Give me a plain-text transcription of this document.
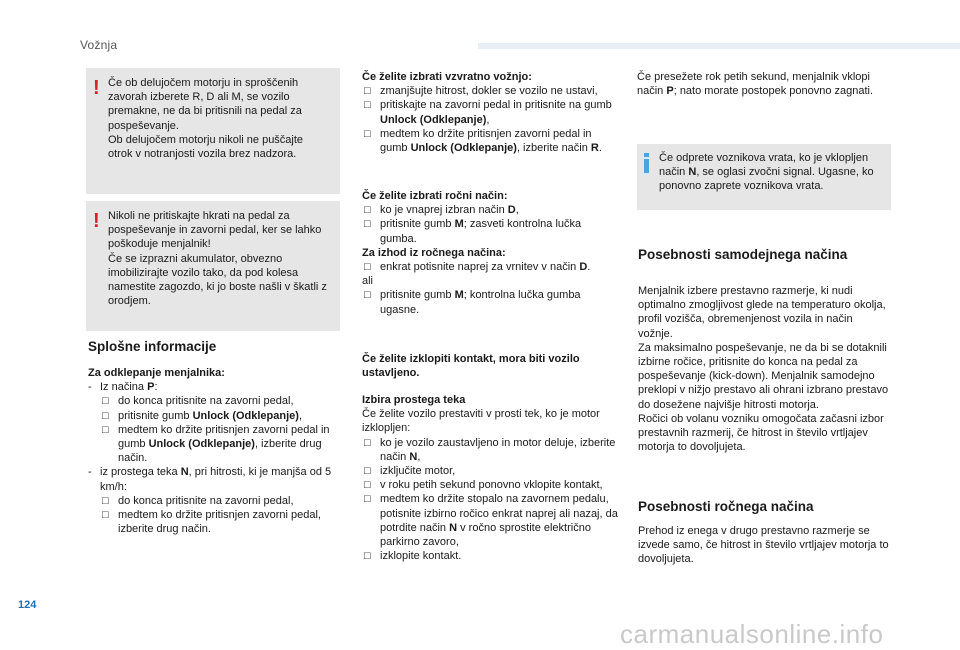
Vožnja
! Če ob delujočem motorju in sproščenih zavorah izberete R, D ali M, se vozilo premakne, ne da bi pritisnili na pedal za pospeševanje.
Ob delujočem motorju nikoli ne puščajte otrok v notranjosti vozila brez nadzora.
! Nikoli ne pritiskajte hkrati na pedal za pospeševanje in zavorni pedal, ker se lahko poškoduje menjalnik!
Če se izprazni akumulator, obvezno imobilizirajte vozilo tako, da pod kolesa namestite zagozdo, ki jo boste našli v škatli z orodjem.
Splošne informacije
Za odklepanje menjalnika:
- Iz načina P:
□ do konca pritisnite na zavorni pedal,
□ pritisnite gumb Unlock (Odklepanje),
□ medtem ko držite pritisnjen zavorni pedal in gumb Unlock (Odklepanje), izberite drug način.
- iz prostega teka N, pri hitrosti, ki je manjša od 5 km/h:
□ do konca pritisnite na zavorni pedal,
□ medtem ko držite pritisnjen zavorni pedal, izberite drug način.
Če želite izbrati vzvratno vožnjo:
□ zmanjšujte hitrost, dokler se vozilo ne ustavi,
□ pritiskajte na zavorni pedal in pritisnite na gumb Unlock (Odklepanje),
□ medtem ko držite pritisnjen zavorni pedal in gumb Unlock (Odklepanje), izberite način R.
Če želite izbrati ročni način:
□ ko je vnaprej izbran način D,
□ pritisnite gumb M; zasveti kontrolna lučka gumba.
Za izhod iz ročnega načina:
□ enkrat potisnite naprej za vrnitev v način D.
ali
□ pritisnite gumb M; kontrolna lučka gumba ugasne.
Če želite izklopiti kontakt, mora biti vozilo ustavljeno.
Izbira prostega teka
Če želite vozilo prestaviti v prosti tek, ko je motor izklopljen:
□ ko je vozilo zaustavljeno in motor deluje, izberite način N,
□ izključite motor,
□ v roku petih sekund ponovno vklopite kontakt,
□ medtem ko držite stopalo na zavornem pedalu, potisnite izbirno ročico enkrat naprej ali nazaj, da potrdite način N v ročno sprostite električno parkirno zavoro,
□ izklopite kontakt.
Če presežete rok petih sekund, menjalnik vklopi način P; nato morate postopek ponovno zagnati.
Če odprete voznikova vrata, ko je vklopljen način N, se oglasi zvočni signal. Ugasne, ko ponovno zaprete voznikova vrata.
Posebnosti samodejnega načina
Menjalnik izbere prestavno razmerje, ki nudi optimalno zmogljivost glede na temperaturo okolja, profil vozišča, obremenjenost vozila in način vožnje.
Za maksimalno pospeševanje, ne da bi se dotaknili izbirne ročice, pritisnite do konca na pedal za pospeševanje (kick-down). Menjalnik samodejno preklopi v nižjo prestavo ali ohrani izbrano prestavo do doseženе najvišje hitrosti motorja.
Ročici ob volanu vozniku omogočata začasni izbor prestavnih razmerij, če hitrost in število vrtljajev motorja to dovoljujeta.
Posebnosti ročnega načina
Prehod iz enega v drugo prestavno razmerje se izvede samo, če hitrost in število vrtljajev motorja to dovoljujeta.
124
carmanualsonline.info
